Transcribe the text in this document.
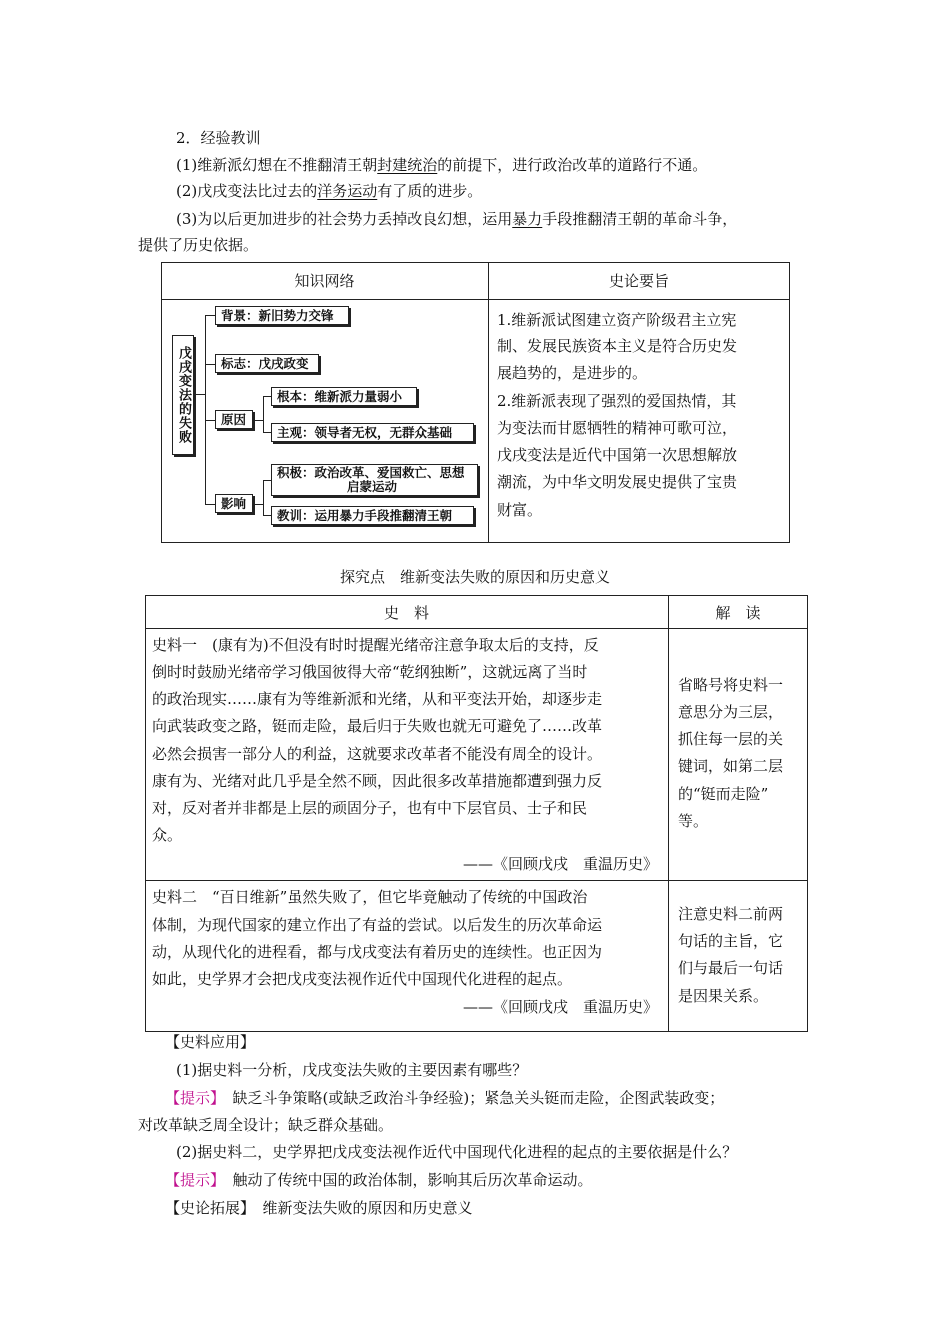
2．经验教训
(1)维新派幻想在不推翻清王朝封建统治的前提下，进行政治改革的道路行不通。
(2)戊戌变法比过去的洋务运动有了质的进步。
(3)为以后更加进步的社会势力丢掉改良幻想，运用暴力手段推翻清王朝的革命斗争，
提供了历史依据。
知识网络	史论要旨
戊戌变法的失败
背景：新旧势力交锋
标志：戊戌政变
原因
影响
根本：维新派力量弱小
主观：领导者无权，无群众基础
积极：政治改革、爱国救亡、思想
启蒙运动
教训：运用暴力手段推翻清王朝
1.维新派试图建立资产阶级君主立宪
制、发展民族资本主义是符合历史发
展趋势的，是进步的。
2.维新派表现了强烈的爱国热情，其
为变法而甘愿牺牲的精神可歌可泣，
戊戌变法是近代中国第一次思想解放
潮流，为中华文明发展史提供了宝贵
财富。
探究点　维新变法失败的原因和历史意义
史　料	解　读
史料一　(康有为)不但没有时时提醒光绪帝注意争取太后的支持，反
倒时时鼓励光绪帝学习俄国彼得大帝“乾纲独断”，这就远离了当时
的政治现实……康有为等维新派和光绪，从和平变法开始，却逐步走
向武装政变之路，铤而走险，最后归于失败也就无可避免了……改革
必然会损害一部分人的利益，这就要求改革者不能没有周全的设计。
康有为、光绪对此几乎是全然不顾，因此很多改革措施都遭到强力反
对，反对者并非都是上层的顽固分子，也有中下层官员、士子和民
众。
——《回顾戊戌　重温历史》
省略号将史料一
意思分为三层，
抓住每一层的关
键词，如第二层
的“铤而走险”
等。
史料二　“百日维新”虽然失败了，但它毕竟触动了传统的中国政治
体制，为现代国家的建立作出了有益的尝试。以后发生的历次革命运
动，从现代化的进程看，都与戊戌变法有着历史的连续性。也正因为
如此，史学界才会把戊戌变法视作近代中国现代化进程的起点。
——《回顾戊戌　重温历史》
注意史料二前两
句话的主旨，它
们与最后一句话
是因果关系。
【史料应用】
(1)据史料一分析，戊戌变法失败的主要因素有哪些？
【提示】　缺乏斗争策略(或缺乏政治斗争经验)；紧急关头铤而走险，企图武装政变；
对改革缺乏周全设计；缺乏群众基础。
(2)据史料二，史学界把戊戌变法视作近代中国现代化进程的起点的主要依据是什么？
【提示】　触动了传统中国的政治体制，影响其后历次革命运动。
【史论拓展】　维新变法失败的原因和历史意义
